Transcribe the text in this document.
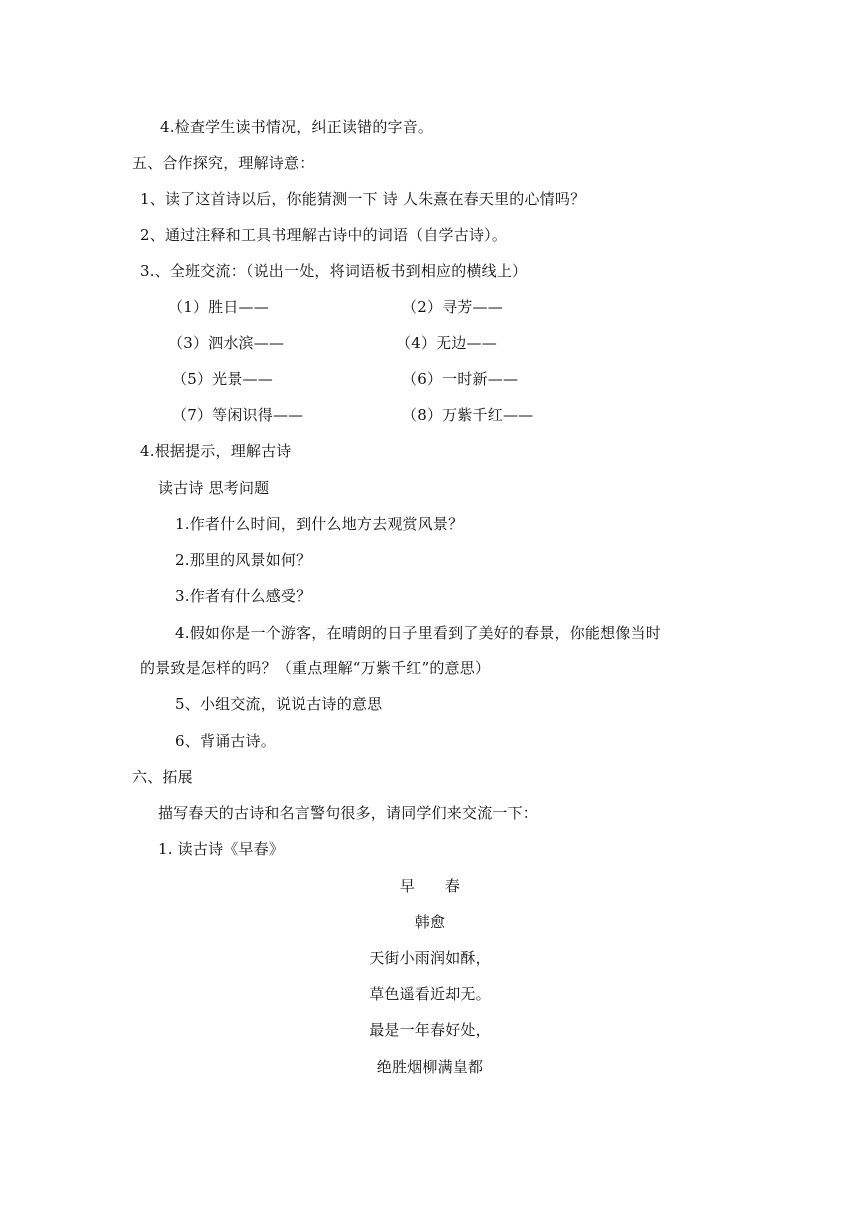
4.检查学生读书情况，纠正读错的字音。
五、合作探究，理解诗意：
1、读了这首诗以后，你能猜测一下 诗 人朱熹在春天里的心情吗？
2、通过注释和工具书理解古诗中的词语（自学古诗）。
3.、全班交流：（说出一处，将词语板书到相应的横线上）
（1）胜日——	（2）寻芳——
（3）泗水滨——	（4）无边——
（5）光景——	（6）一时新——
（7）等闲识得——	（8）万紫千红——
4.根据提示，理解古诗
读古诗 思考问题
1.作者什么时间，到什么地方去观赏风景？
2.那里的风景如何？
3.作者有什么感受？
4.假如你是一个游客，在晴朗的日子里看到了美好的春景，你能想像当时
的景致是怎样的吗？（重点理解“万紫千红”的意思）
5、小组交流，说说古诗的意思
6、背诵古诗。
六、拓展
描写春天的古诗和名言警句很多，请同学们来交流一下：
1. 读古诗《早春》
早      春
韩愈
天街小雨润如酥，
草色遥看近却无。
最是一年春好处，
绝胜烟柳满皇都
